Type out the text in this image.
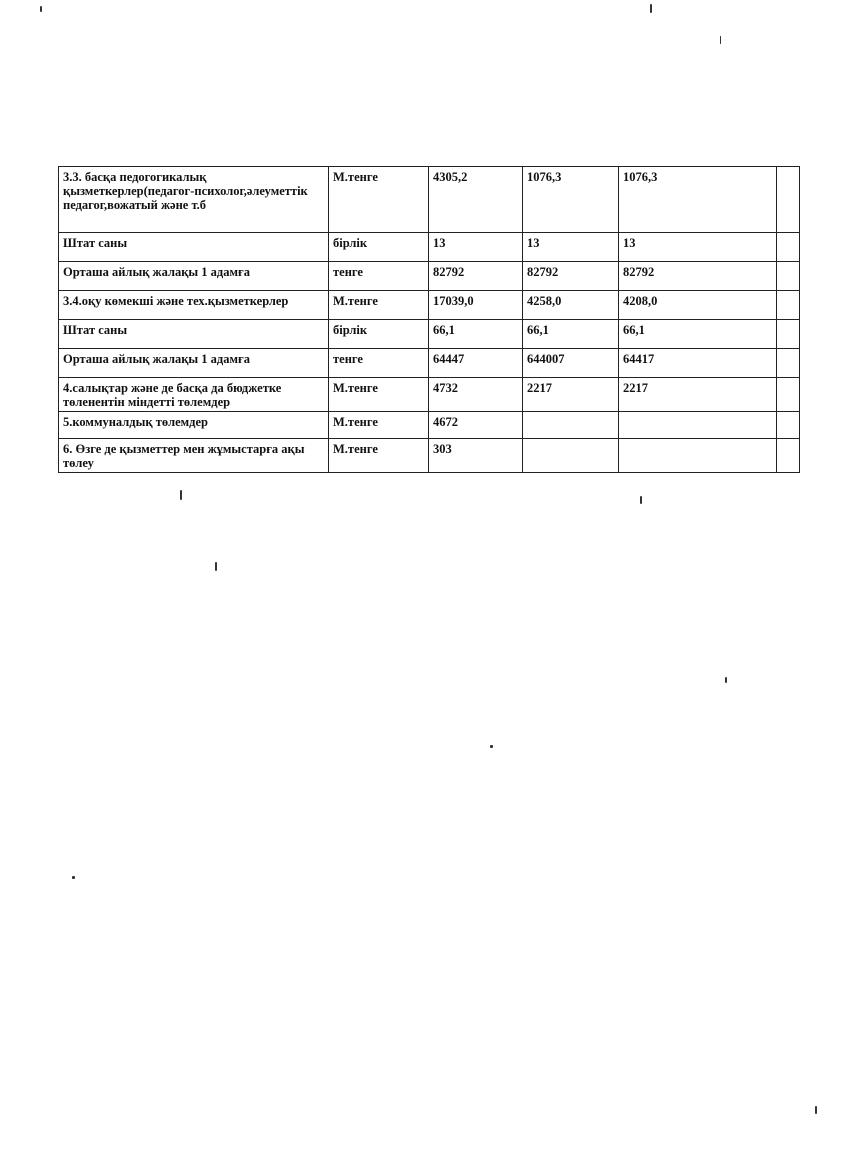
3.3. басқа педогогикалық қызметкерлер(педагог-психолог,әлеуметтік педагог,вожатый және т.б	М.тенге	4305,2	1076,3	1076,3	
Штат саны	бірлік	13	13	13	
Орташа айлық жалақы 1 адамға	тенге	82792	82792	82792	
3.4.оқу көмекші және тех.қызметкерлер	М.тенге	17039,0	4258,0	4208,0	
Штат саны	бірлік	66,1	66,1	66,1	
Орташа айлық жалақы 1 адамға	тенге	64447	644007	64417	
4.салықтар және де басқа да бюджетке төленентін міндетті төлемдер	М.тенге	4732	2217	2217	
5.коммуналдық төлемдер	М.тенге	4672			
6. Өзге де қызметтер мен жұмыстарға ақы төлеу	М.тенге	303			
